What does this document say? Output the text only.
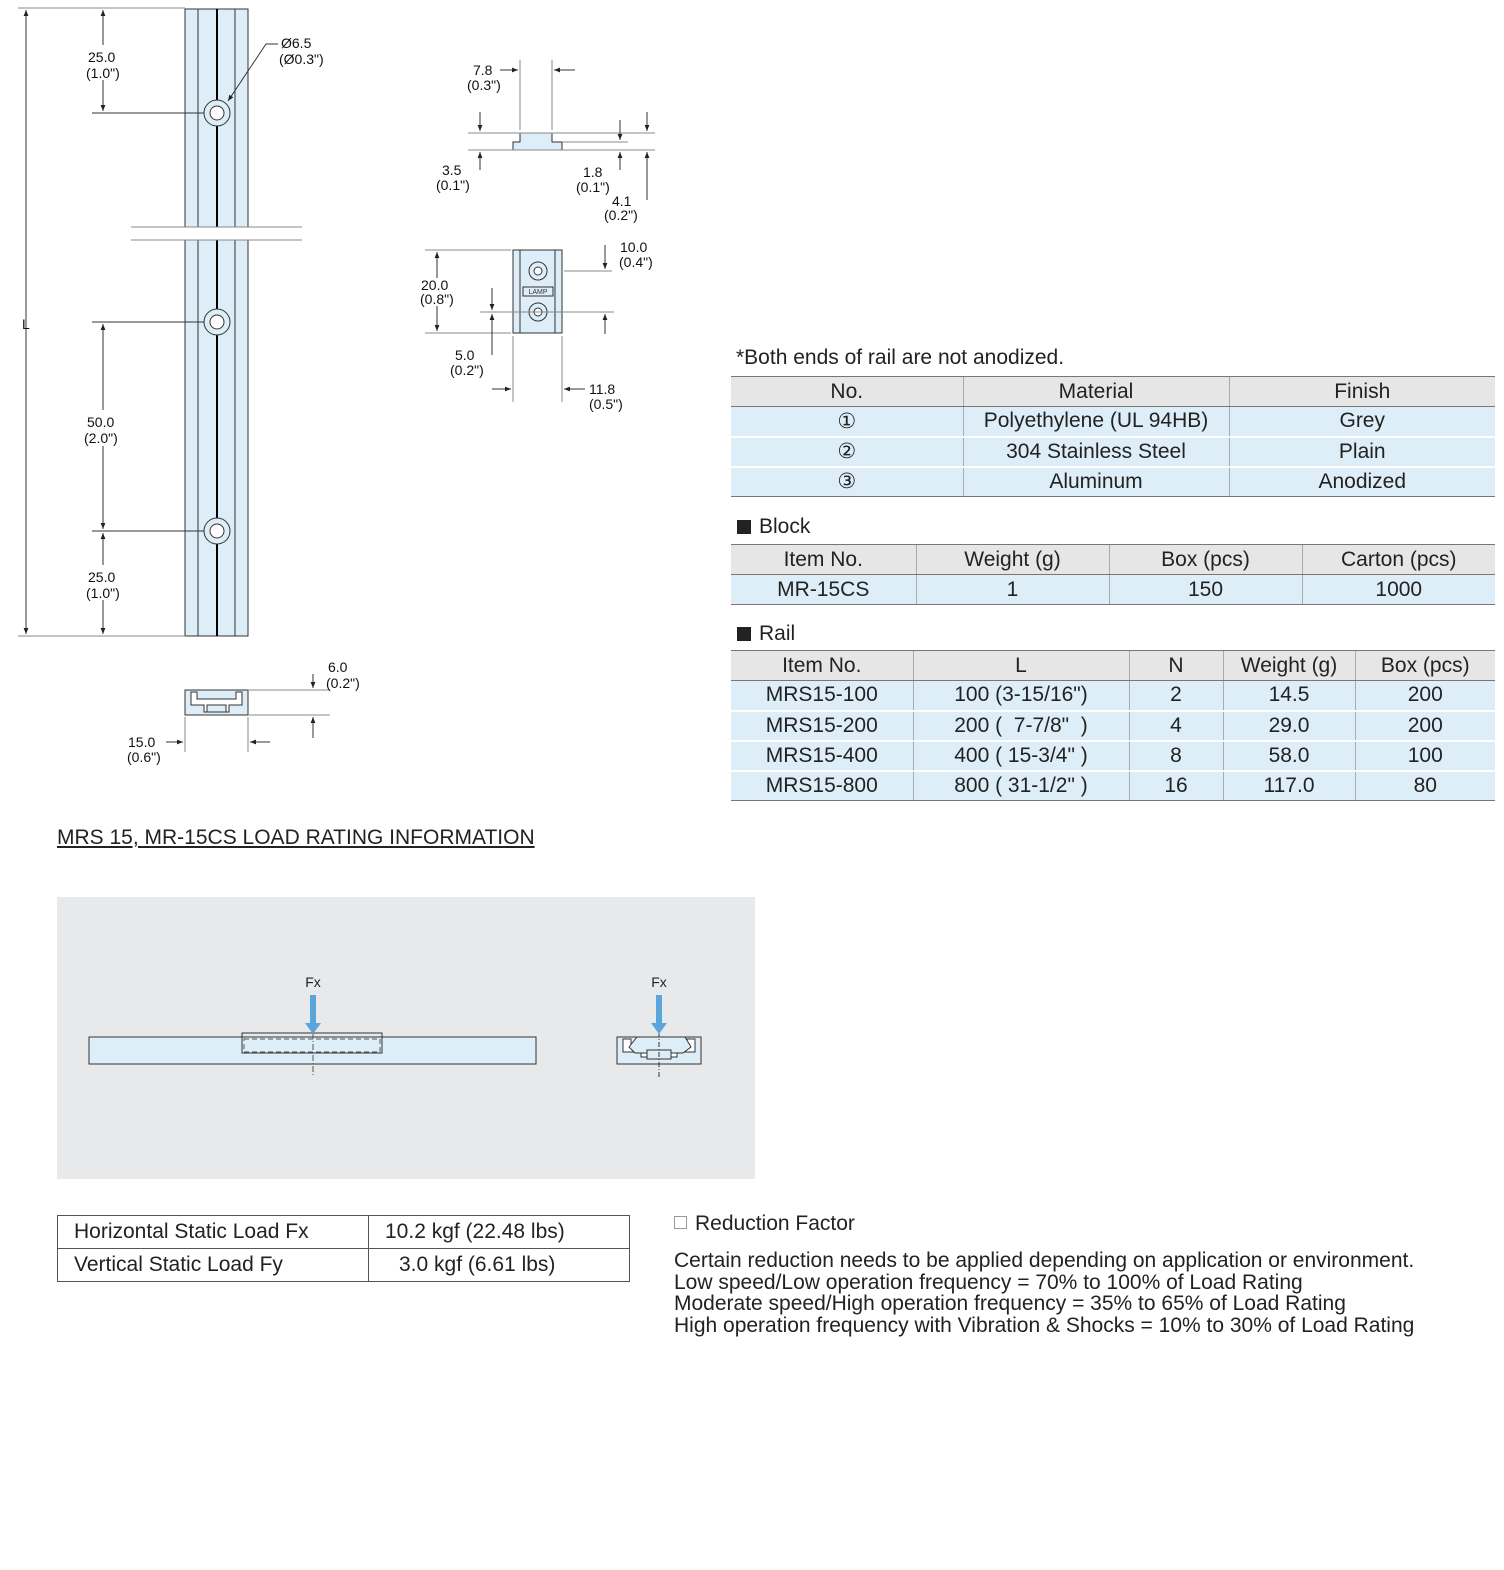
25.0
(1.0")
Ø6.5
(Ø0.3")
L
50.0
(2.0")
25.0
(1.0")
6.0
(0.2")
15.0
(0.6")
7.8
(0.3")
3.5
(0.1")
1.8
(0.1")
4.1
(0.2")
10.0
(0.4")
20.0
(0.8")
5.0
(0.2")
11.8
(0.5")
LAMP
*Both ends of rail are not anodized.
No.	Material	Finish
①	Polyethylene (UL 94HB)	Grey
②	304 Stainless Steel	Plain
③	Aluminum	Anodized
Block
Item No.	Weight (g)	Box (pcs)	Carton (pcs)
MR-15CS	1	150	1000
Rail
Item No.	L	N	Weight (g)	Box (pcs)
MRS15-100	100 (3-15/16")	2	14.5	200
MRS15-200	200 (  7-7/8"  )	4	29.0	200
MRS15-400	400 ( 15-3/4" )	8	58.0	100
MRS15-800	800 ( 31-1/2" )	16	117.0	80
MRS 15, MR-15CS LOAD RATING INFORMATION
Fx	Fx
Horizontal Static Load Fx	10.2 kgf (22.48 lbs)
Vertical Static Load Fy	3.0 kgf (6.61 lbs)
Reduction Factor
Certain reduction needs to be applied depending on application or environment.
Low speed/Low operation frequency = 70% to 100% of Load Rating
Moderate speed/High operation frequency = 35% to 65% of Load Rating
High operation frequency with Vibration & Shocks = 10% to 30% of Load Rating
